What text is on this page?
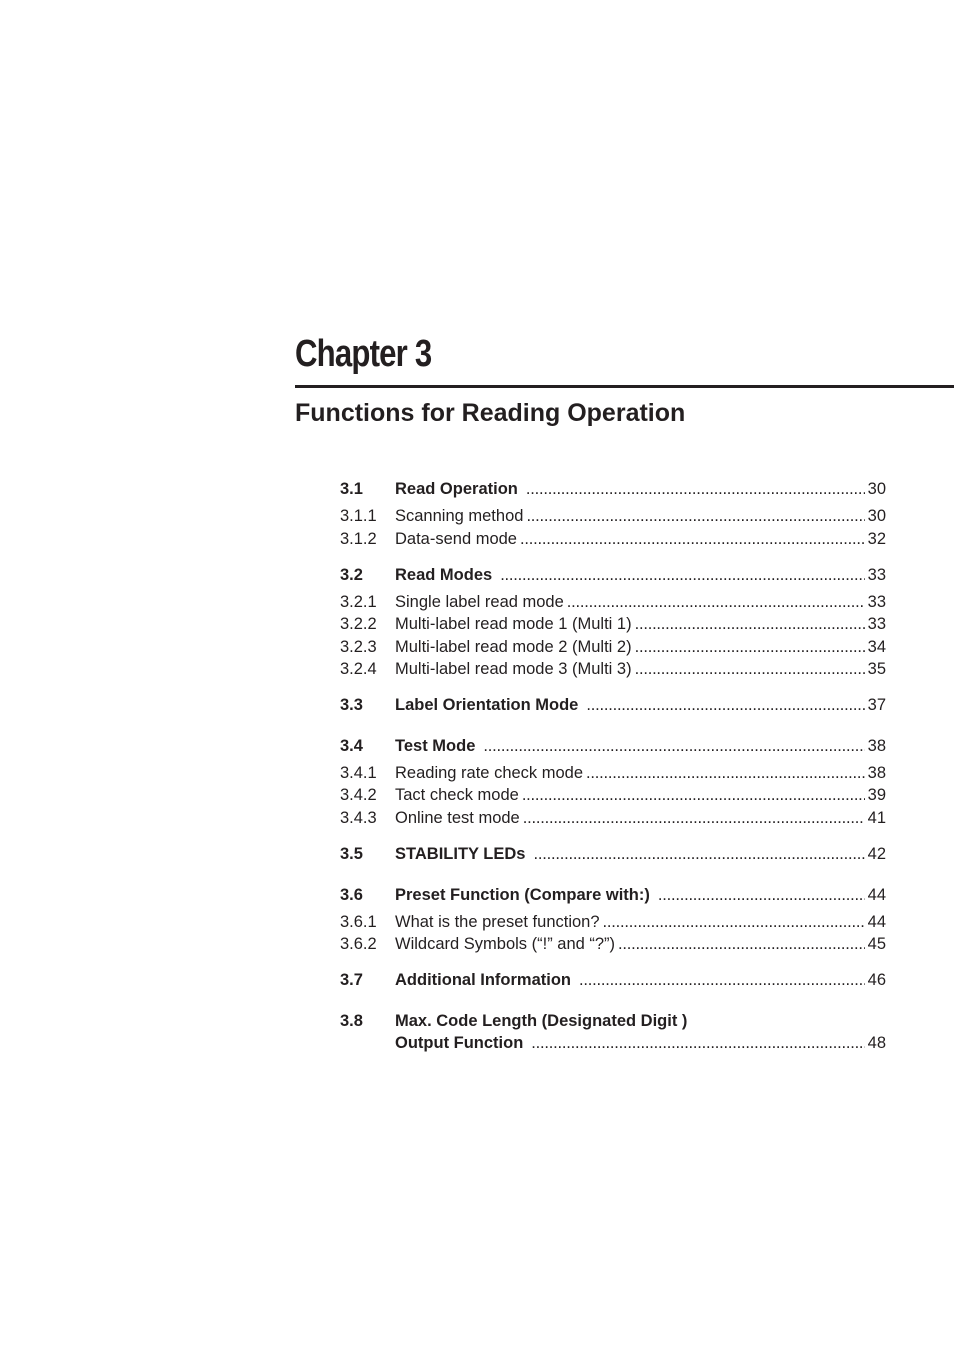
Chapter 3
Functions for Reading Operation
3.1	Read Operation . . .	30
3.1.1	Scanning method . . .	30
3.1.2	Data-send mode . . .	32
3.2	Read Modes . . .	33
3.2.1	Single label read mode . . .	33
3.2.2	Multi-label read mode 1 (Multi 1) . . .	33
3.2.3	Multi-label read mode 2 (Multi 2) . . .	34
3.2.4	Multi-label read mode 3 (Multi 3) . . .	35
3.3	Label Orientation Mode . . .	37
3.4	Test Mode . . .	38
3.4.1	Reading rate check mode . . .	38
3.4.2	Tact check mode . . .	39
3.4.3	Online test mode . . .	41
3.5	STABILITY LEDs . . .	42
3.6	Preset Function (Compare with:) . . .	44
3.6.1	What is the preset function? . . .	44
3.6.2	Wildcard Symbols (“!” and “?”) . . .	45
3.7	Additional Information . . .	46
3.8	Max. Code Length (Designated Digit )
Output Function . . .	48
